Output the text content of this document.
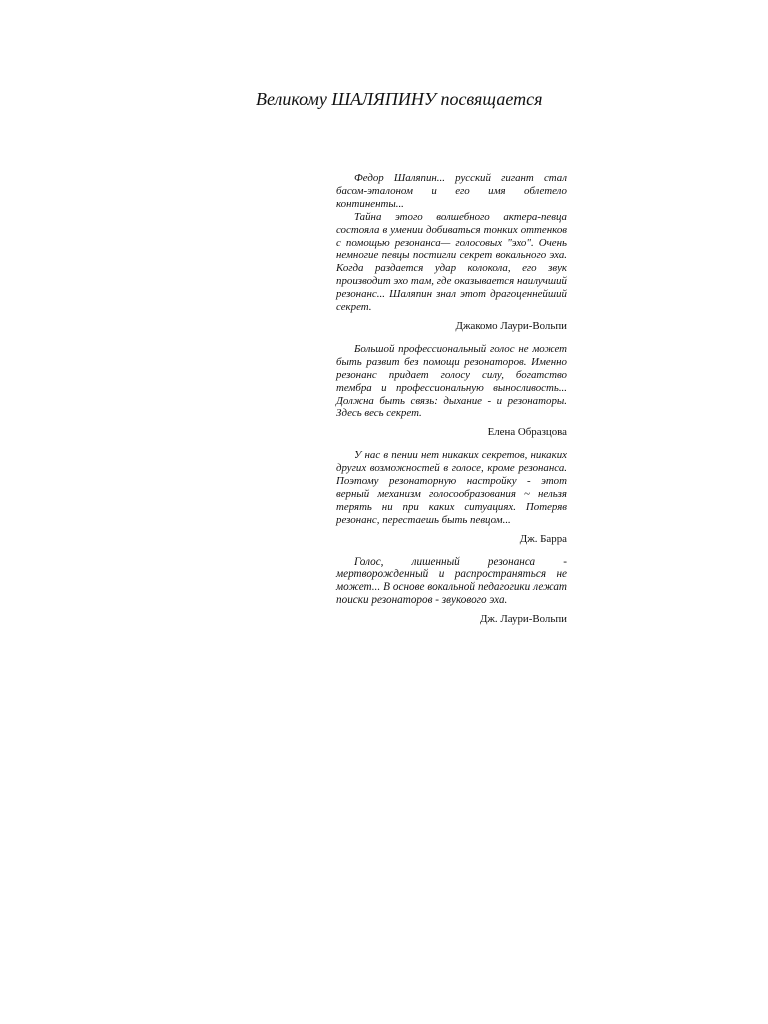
Великому ШАЛЯПИНУ посвящается

Федор Шаляпин... русский гигант стал басом-эталоном и его имя облетело континенты...

Тайна этого волшебного актера-певца состояла в умении добиваться тонких оттенков с помощью резонанса— голосовых "эхо". Очень немногие певцы постигли секрет вокального эха. Когда раздается удар колокола, его звук производит эхо там, где оказывается наилучший резонанс... Шаляпин знал этот драгоценнейший секрет.

Джакомо Лаури-Вольпи

Большой профессиональный голос не может быть развит без помощи резонаторов. Именно резонанс придает голосу силу, богатство тембра и профессиональную выносливость... Должна быть связь: дыхание - и резонаторы. Здесь весь секрет.

Елена Образцова

У нас в пении нет никаких секретов, никаких других возможностей в голосе, кроме резонанса. Поэтому резонаторную настройку - этот верный механизм голосообразования ~ нельзя терять ни при каких ситуациях. Потеряв резонанс, перестаешь быть певцом...

Дж. Барра

Голос, лишенный резонанса - мертворожденный и распространяться не может... В основе вокальной педагогики лежат поиски резонаторов - звукового эха.

Дж. Лаури-Вольпи
